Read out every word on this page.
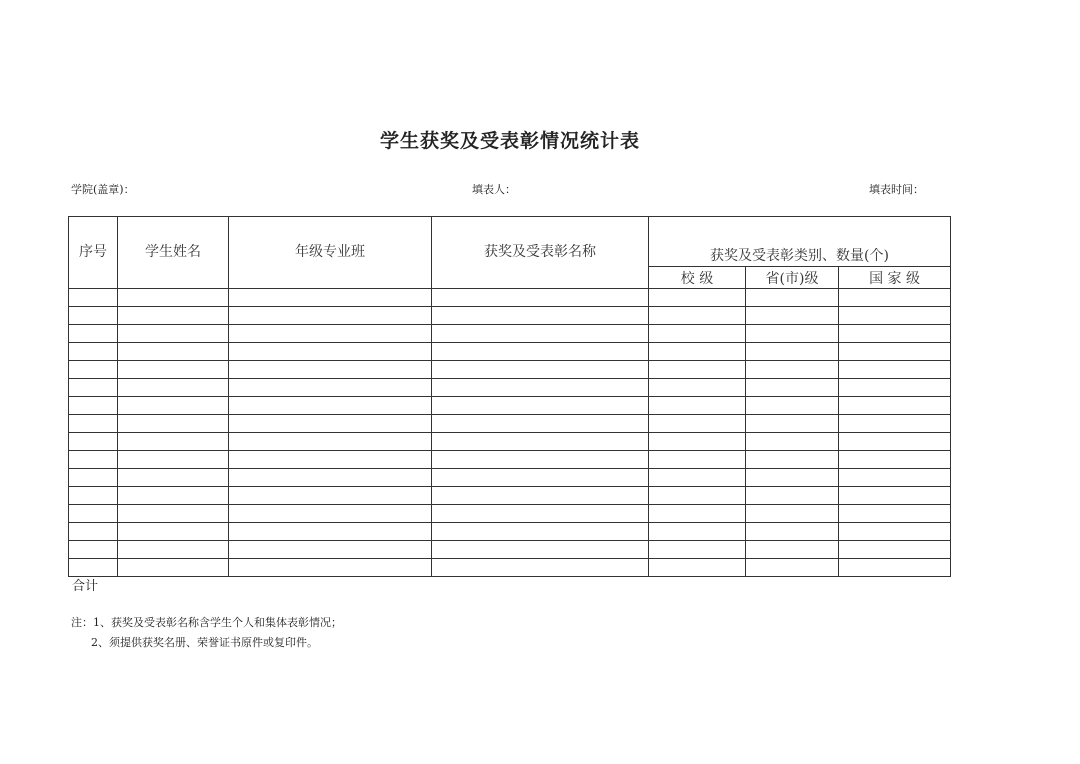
学生获奖及受表彰情况统计表
学院(盖章)：	填表人：	填表时间：
序号	学生姓名	年级专业班	获奖及受表彰名称	获奖及受表彰类别、数量(个)		
				校 级	省(市)级	国 家 级

合计
注：1、获奖及受表彰名称含学生个人和集体表彰情况；
2、须提供获奖名册、荣誉证书原件或复印件。
